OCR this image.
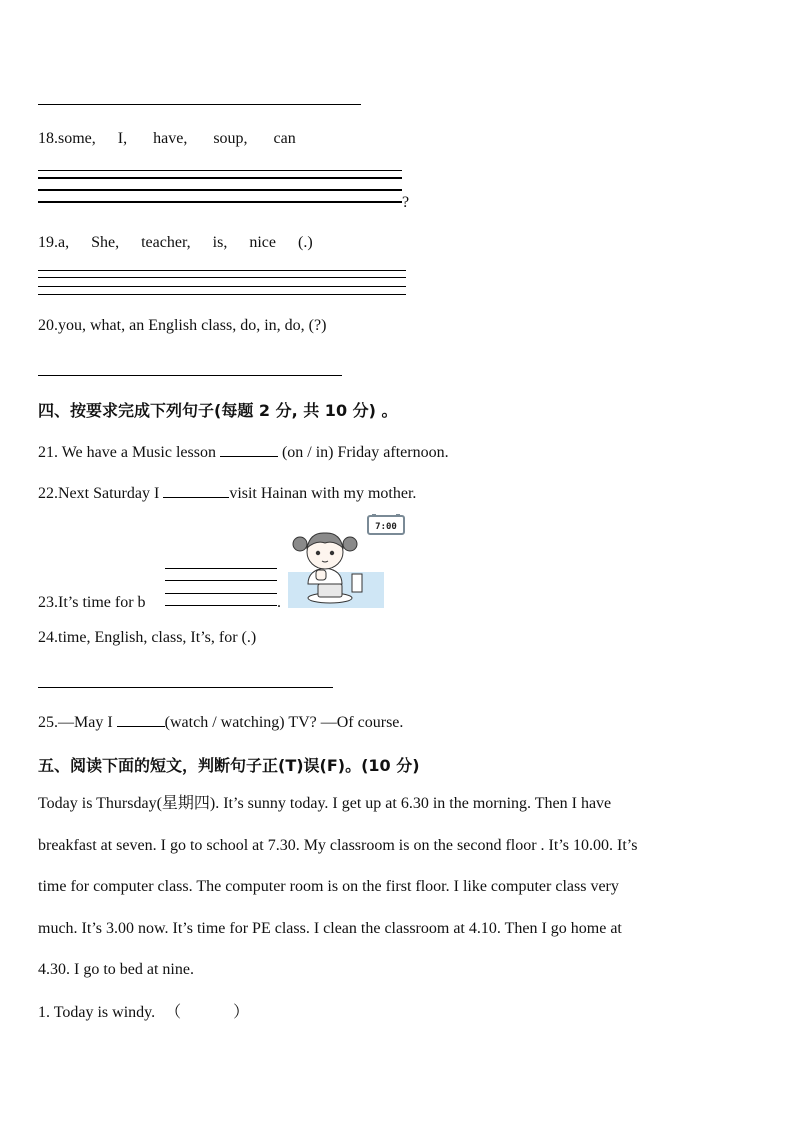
18.some, I, have, soup, can
?
19.a, She, teacher, is, nice (.)
20.you, what, an English class, do, in, do, (?)
四、按要求完成下列句子(每题 2 分, 共 10 分) 。
21. We have a Music lesson	(on / in) Friday afternoon.
22.Next Saturday I	visit Hainan with my mother.
23.It’s time for b	.
7:00
24.time, English, class, It’s, for (.)
25.—May I	(watch / watching) TV? —Of course.
五、阅读下面的短文，判断句子正(T)误(F)。(10 分)
Today is Thursday(星期四). It’s sunny today. I get up at 6.30 in the morning. Then I have
breakfast at seven. I go to school at 7.30. My classroom is on the second floor . It’s 10.00. It’s
time for computer class. The computer room is on the first floor. I like computer class very
much. It’s 3.00 now. It’s time for PE class. I clean the classroom at 4.10. Then I go home at
4.30. I go to bed at nine.
1. Today is windy. （	）
